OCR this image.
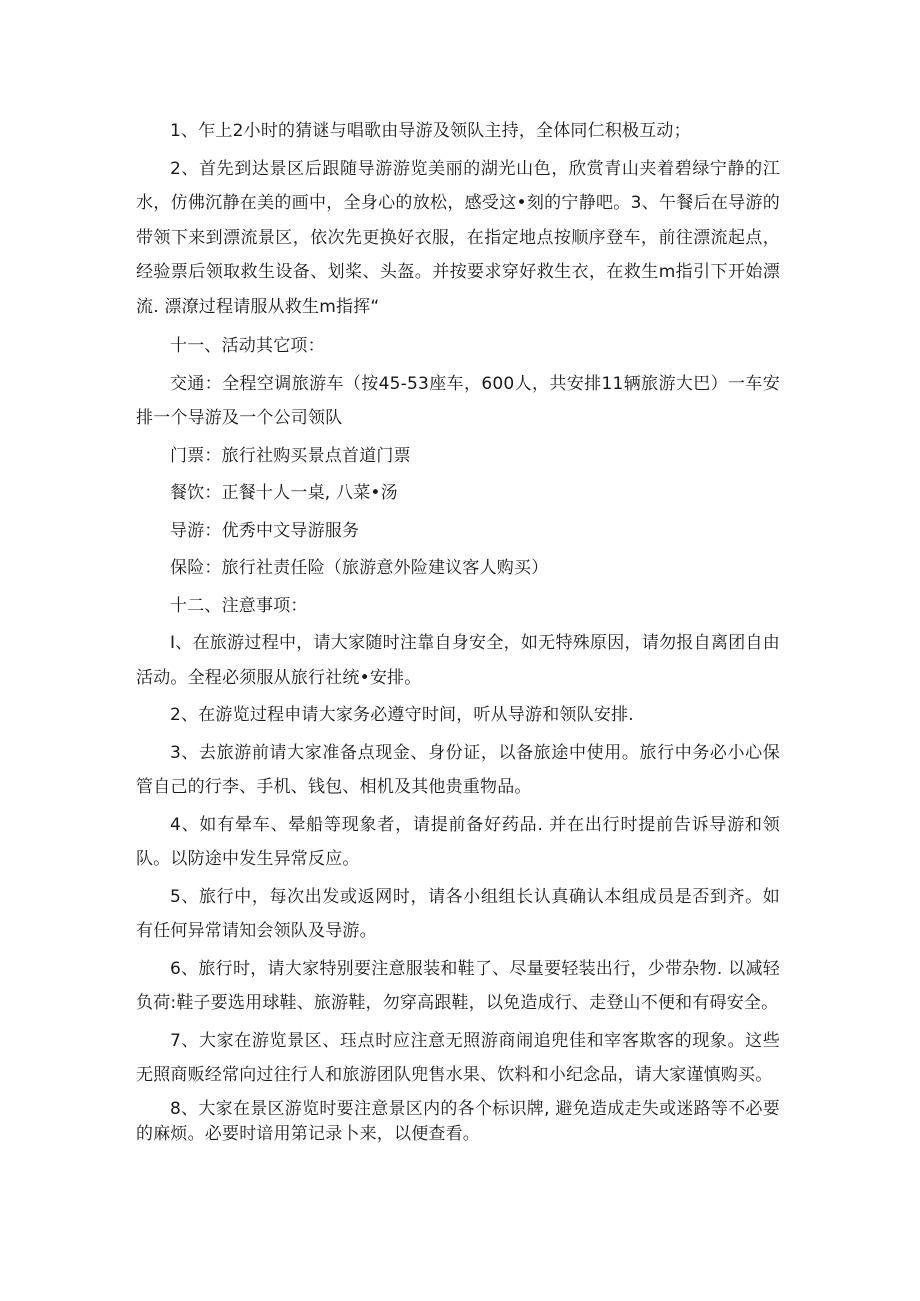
1、乍上2小时的猜谜与唱歌由导游及领队主持，全体同仁积极互动；

2、首先到达景区后跟随导游游览美丽的湖光山色，欣赏青山夹着碧绿宁静的江水，仿佛沉静在美的画中，全身心的放松，感受这•刻的宁静吧。3、午餐后在导游的带领下来到漂流景区，依次先更换好衣服，在指定地点按顺序登车，前往漂流起点，经验票后领取救生设备、划桨、头盔。并按要求穿好救生衣，在救生m指引下开始漂流. 漂潦过程请服从救生m指挥“

十一、活动其它项：

交通：全程空调旅游车（按45-53座车，600人，共安排11辆旅游大巴）一车安排一个导游及一个公司领队

门票：旅行社购买景点首道门票

餐饮：正餐十人一桌, 八菜•汤

导游：优秀中文导游服务

保险：旅行社责任险（旅游意外险建议客人购买）

十二、注意事项：

I、在旅游过程中，请大家随时注靠自身安全，如无特殊原因，请勿报自离团自由活动。全程必须服从旅行社统•安排。

2、在游览过程申请大家务必遵守时间，听从导游和领队安排.

3、去旅游前请大家准备点现金、身份证，以备旅途中使用。旅行中务必小心保管自己的行李、手机、钱包、相机及其他贵重物品。

4、如有晕车、晕船等现象者，请提前备好药品. 并在出行时提前告诉导游和领队。以防途中发生异常反应。

5、旅行中，每次出发或返网时，请各小组组长认真确认本组成员是否到齐。如有任何异常请知会领队及导游。

6、旅行时，请大家特别要注意服装和鞋了、尽量要轻装出行，少带杂物. 以减轻负荷:鞋子要选用球鞋、旅游鞋，勿穿高跟鞋，以免造成行、走登山不便和有碍安全。

7、大家在游览景区、珏点时应注意无照游商闹追兜佳和宰客欺客的现象。这些无照商贩经常向过往行人和旅游团队兜售水果、饮料和小纪念品，请大家谨慎购买。

8、大家在景区游览时要注意景区内的各个标识牌, 避免造成走失或迷路等不必要的麻烦。必要时谙用第记录卜来，以便查看。
